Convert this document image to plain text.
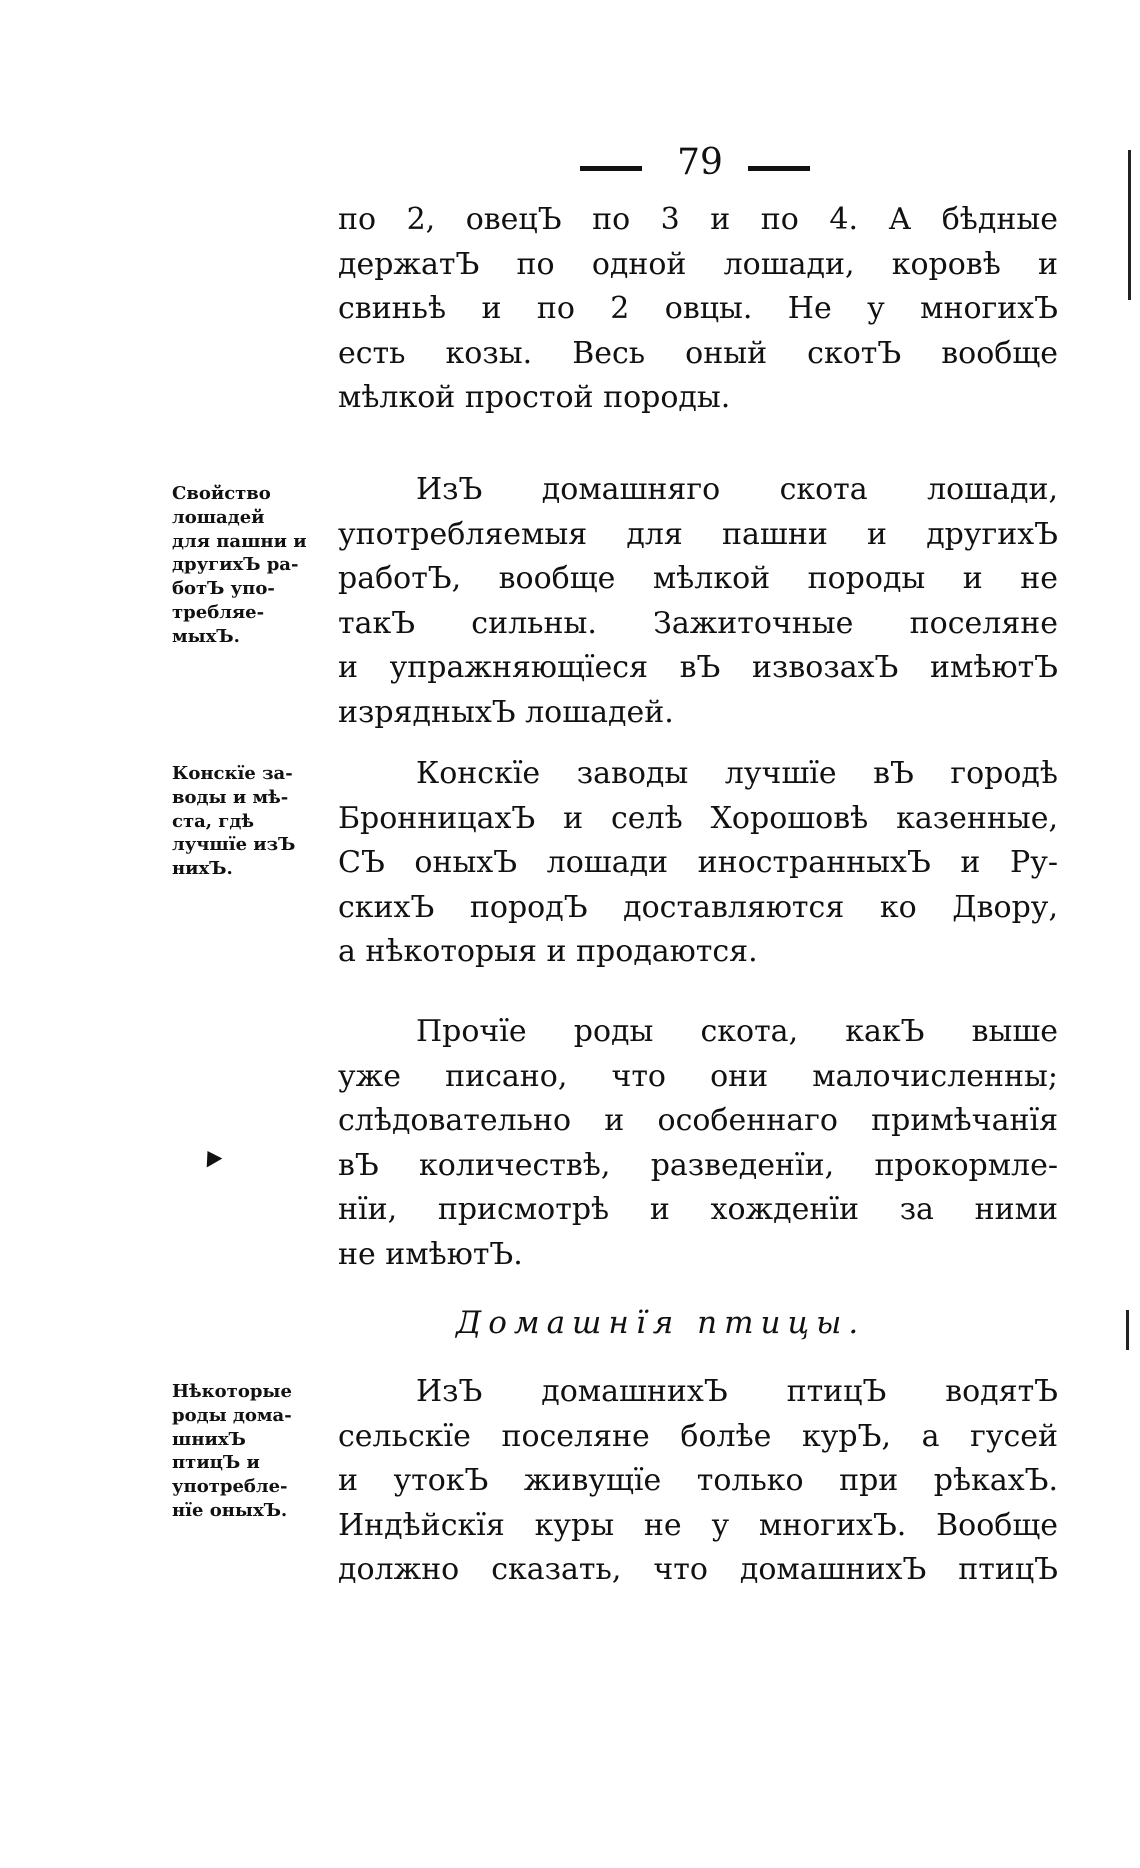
79

по 2, овецЪ по 3 и по 4. А бѣдные
держатЪ по одной лошади, коровѣ и
свиньѣ и по 2 овцы. Не у многихЪ
есть козы. Весь оный скотЪ вообще
мѣлкой простой породы.

Свойство
лошадей
для пашни и
другихЪ ра-
ботЪ упо-
требляе-
мыхЪ.

ИзЪ домашняго скота лошади,
употребляемыя для пашни и другихЪ
работЪ, вообще мѣлкой породы и не
такЪ сильны. Зажиточные поселяне
и упражняющїеся вЪ извозахЪ имѣютЪ
изрядныхЪ лошадей.

Конскїе за-
воды и мѣ-
ста, гдѣ
лучшїе изЪ
нихЪ.

Конскїе заводы лучшїе вЪ городѣ
БронницахЪ и селѣ Хорошовѣ казенные,
СЪ оныхЪ лошади иностранныхЪ и Ру-
скихЪ породЪ доставляются ко Двору,
а нѣкоторыя и продаются.

Прочїе роды скота, какЪ выше
уже писано, что они малочисленны;
слѣдовательно и особеннаго примѣчанїя
вЪ количествѣ, разведенїи, прокормле-
нїи, присмотрѣ и хожденїи за ними
не имѣютЪ.

Домашнїя птицы.

Нѣкоторые
роды дома-
шнихЪ
птицЪ и
употребле-
нїе оныхЪ.

ИзЪ домашнихЪ птицЪ водятЪ
сельскїе поселяне болѣе курЪ, а гусей
и утокЪ живущїе только при рѣкахЪ.
Индѣйскїя куры не у многихЪ. Вообще
должно сказать, что домашнихЪ птицЪ
